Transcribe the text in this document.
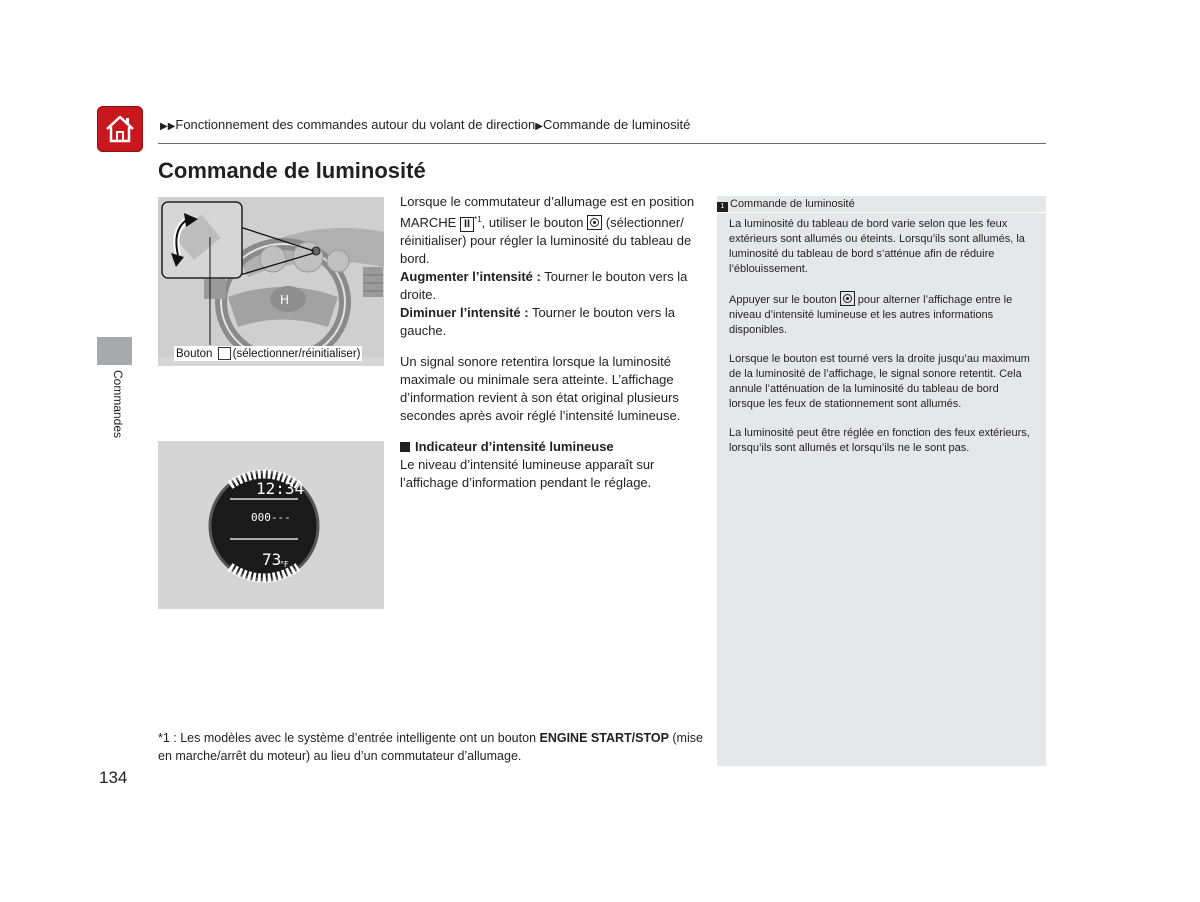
▶▶Fonctionnement des commandes autour du volant de direction▶Commande de luminosité
Commande de luminosité
Commandes
H
Bouton (sélectionner/réinitialiser)
12:34
000---
73
°F

Lorsque le commutateur d’allumage est en position MARCHE II $^{*1}$, utiliser le bouton
(sélectionner/ réinitialiser) pour régler la luminosité du tableau de bord.

Augmenter l’intensité : Tourner le bouton vers la droite.

Diminuer l’intensité : Tourner le bouton vers la gauche.

Un signal sonore retentira lorsque la luminosité maximale ou minimale sera atteinte. L’affichage d’information revient à son état original plusieurs secondes après avoir réglé l’intensité lumineuse.

Indicateur d’intensité lumineuse

Le niveau d’intensité lumineuse apparaît sur l’affichage d’information pendant le réglage.

1 Commande de luminosité

La luminosité du tableau de bord varie selon que les feux extérieurs sont allumés ou éteints. Lorsqu’ils sont allumés, la luminosité du tableau de bord s’atténue afin de réduire l’éblouissement.

Appuyer sur le bouton
pour alterner l’affichage entre le niveau d’intensité lumineuse et les autres informations disponibles.

Lorsque le bouton est tourné vers la droite jusqu’au maximum de la luminosité de l’affichage, le signal sonore retentit. Cela annule l’atténuation de la luminosité du tableau de bord lorsque les feux de stationnement sont allumés.

La luminosité peut être réglée en fonction des feux extérieurs, lorsqu’ils sont allumés et lorsqu’ils ne le sont pas.

*1 : Les modèles avec le système d’entrée intelligente ont un bouton ENGINE START/STOP (mise en marche/arrêt du moteur) au lieu d’un commutateur d’allumage.
134
